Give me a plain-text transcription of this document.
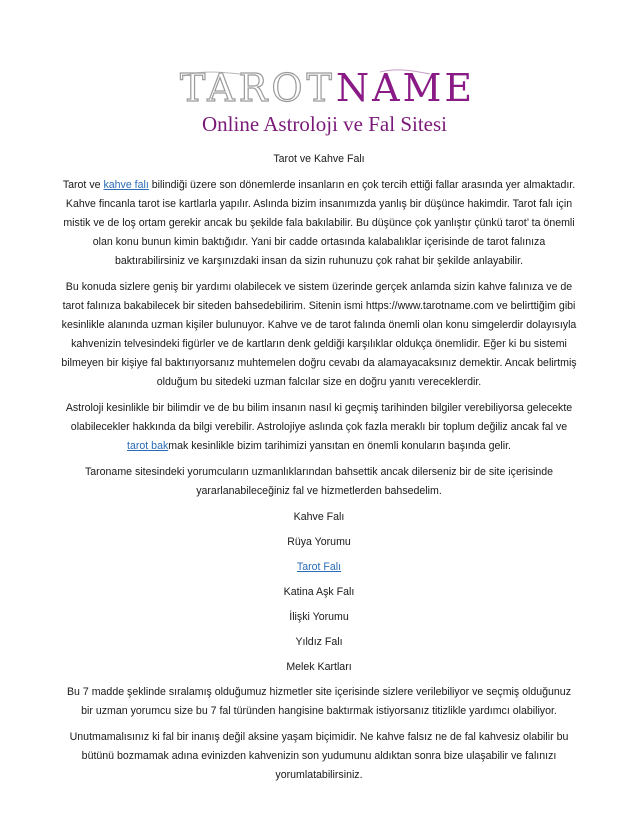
TAROTNAME
Online Astroloji ve Fal Sitesi
Tarot ve Kahve Falı

Tarot ve kahve falı bilindiği üzere son dönemlerde insanların en çok tercih ettiği fallar arasında yer almaktadır. Kahve fincanla tarot ise kartlarla yapılır. Aslında bizim insanımızda yanlış bir düşünce hakimdir. Tarot falı için mistik ve de loş ortam gerekir ancak bu şekilde fala bakılabilir. Bu düşünce çok yanlıştır çünkü tarot’ ta önemli olan konu bunun kimin baktığıdır. Yani bir cadde ortasında kalabalıklar içerisinde de tarot falınıza baktırabilirsiniz ve karşınızdaki insan da sizin ruhunuzu çok rahat bir şekilde anlayabilir.

Bu konuda sizlere geniş bir yardımı olabilecek ve sistem üzerinde gerçek anlamda sizin kahve falınıza ve de tarot falınıza bakabilecek bir siteden bahsedebilirim. Sitenin ismi https://www.tarotname.com ve belirttiğim gibi kesinlikle alanında uzman kişiler bulunuyor. Kahve ve de tarot falında önemli olan konu simgelerdir dolayısıyla kahvenizin telvesindeki figürler ve de kartların denk geldiği karşılıklar oldukça önemlidir. Eğer ki bu sistemi bilmeyen bir kişiye fal baktırıyorsanız muhtemelen doğru cevabı da alamayacaksınız demektir. Ancak belirtmiş olduğum bu sitedeki uzman falcılar size en doğru yanıtı vereceklerdir.

Astroloji kesinlikle bir bilimdir ve de bu bilim insanın nasıl ki geçmiş tarihinden bilgiler verebiliyorsa gelecekte olabilecekler hakkında da bilgi verebilir. Astrolojiye aslında çok fazla meraklı bir toplum değiliz ancak fal ve tarot bakmak kesinlikle bizim tarihimizi yansıtan en önemli konuların başında gelir.

Taroname sitesindeki yorumcuların uzmanlıklarından bahsettik ancak dilerseniz bir de site içerisinde yararlanabileceğiniz fal ve hizmetlerden bahsedelim.

Kahve Falı
Rüya Yorumu
Tarot Falı
Katina Aşk Falı
İlişki Yorumu
Yıldız Falı
Melek Kartları

Bu 7 madde şeklinde sıralamış olduğumuz hizmetler site içerisinde sizlere verilebiliyor ve seçmiş olduğunuz bir uzman yorumcu size bu 7 fal türünden hangisine baktırmak istiyorsanız titizlikle yardımcı olabiliyor.

Unutmamalısınız ki fal bir inanış değil aksine yaşam biçimidir. Ne kahve falsız ne de fal kahvesiz olabilir bu bütünü bozmamak adına evinizden kahvenizin son yudumunu aldıktan sonra bize ulaşabilir ve falınızı yorumlatabilirsiniz.
